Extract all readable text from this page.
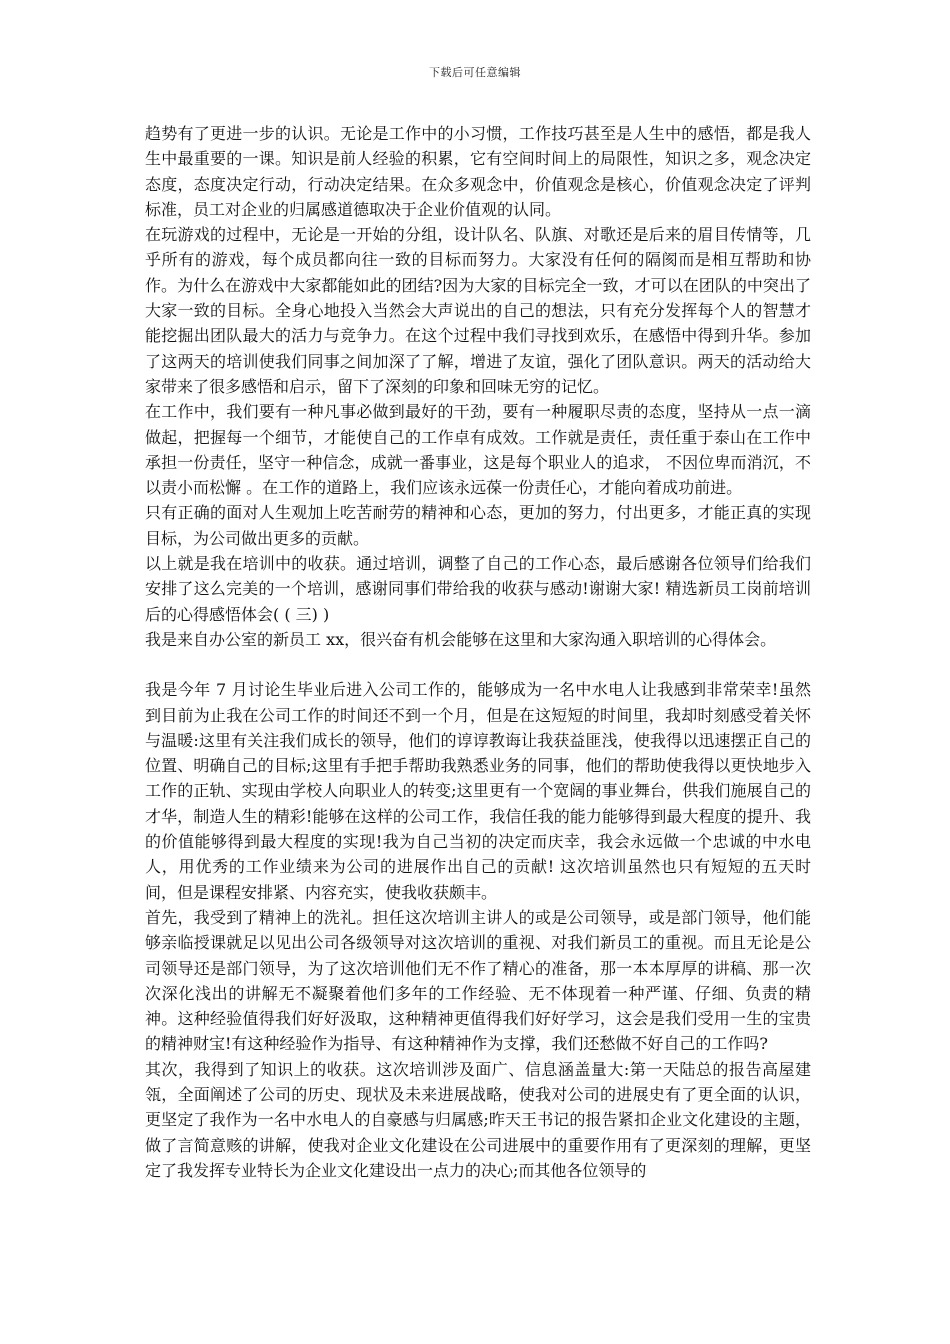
下载后可任意编辑

趋势有了更进一步的认识。无论是工作中的小习惯，工作技巧甚至是人生中的感悟，都是我人生中最重要的一课。知识是前人经验的积累，它有空间时间上的局限性，知识之多，观念决定态度，态度决定行动，行动决定结果。在众多观念中，价值观念是核心，价值观念决定了评判标准，员工对企业的归属感道德取决于企业价值观的认同。

在玩游戏的过程中，无论是一开始的分组，设计队名、队旗、对歌还是后来的眉目传情等，几乎所有的游戏，每个成员都向往一致的目标而努力。大家没有任何的隔阂而是相互帮助和协作。为什么在游戏中大家都能如此的团结?因为大家的目标完全一致，才可以在团队的中突出了大家一致的目标。全身心地投入当然会大声说出的自己的想法，只有充分发挥每个人的智慧才能挖掘出团队最大的活力与竞争力。在这个过程中我们寻找到欢乐，在感悟中得到升华。参加了这两天的培训使我们同事之间加深了了解，增进了友谊，强化了团队意识。两天的活动给大家带来了很多感悟和启示，留下了深刻的印象和回味无穷的记忆。

在工作中，我们要有一种凡事必做到最好的干劲，要有一种履职尽责的态度，坚持从一点一滴做起，把握每一个细节，才能使自己的工作卓有成效。工作就是责任，责任重于泰山在工作中承担一份责任，坚守一种信念，成就一番事业，这是每个职业人的追求， 不因位卑而消沉，不以责小而松懈 。在工作的道路上，我们应该永远葆一份责任心，才能向着成功前进。

只有正确的面对人生观加上吃苦耐劳的精神和心态，更加的努力，付出更多，才能正真的实现目标，为公司做出更多的贡献。

以上就是我在培训中的收获。通过培训，调整了自己的工作心态，最后感谢各位领导们给我们安排了这么完美的一个培训，感谢同事们带给我的收获与感动!谢谢大家! 精选新员工岗前培训后的心得感悟体会( ( 三) )

我是来自办公室的新员工 xx，很兴奋有机会能够在这里和大家沟通入职培训的心得体会。

我是今年 7 月讨论生毕业后进入公司工作的，能够成为一名中水电人让我感到非常荣幸!虽然到目前为止我在公司工作的时间还不到一个月，但是在这短短的时间里，我却时刻感受着关怀与温暖:这里有关注我们成长的领导，他们的谆谆教诲让我获益匪浅，使我得以迅速摆正自己的位置、明确自己的目标;这里有手把手帮助我熟悉业务的同事，他们的帮助使我得以更快地步入工作的正轨、实现由学校人向职业人的转变;这里更有一个宽阔的事业舞台，供我们施展自己的才华，制造人生的精彩!能够在这样的公司工作，我信任我的能力能够得到最大程度的提升、我的价值能够得到最大程度的实现!我为自己当初的决定而庆幸，我会永远做一个忠诚的中水电人，用优秀的工作业绩来为公司的进展作出自己的贡献! 这次培训虽然也只有短短的五天时间，但是课程安排紧、内容充实，使我收获颇丰。

首先，我受到了精神上的洗礼。担任这次培训主讲人的或是公司领导，或是部门领导，他们能够亲临授课就足以见出公司各级领导对这次培训的重视、对我们新员工的重视。而且无论是公司领导还是部门领导，为了这次培训他们无不作了精心的准备，那一本本厚厚的讲稿、那一次次深化浅出的讲解无不凝聚着他们多年的工作经验、无不体现着一种严谨、仔细、负责的精神。这种经验值得我们好好汲取，这种精神更值得我们好好学习，这会是我们受用一生的宝贵的精神财宝!有这种经验作为指导、有这种精神作为支撑，我们还愁做不好自己的工作吗?

其次，我得到了知识上的收获。这次培训涉及面广、信息涵盖量大:第一天陆总的报告高屋建瓴，全面阐述了公司的历史、现状及未来进展战略，使我对公司的进展史有了更全面的认识，更坚定了我作为一名中水电人的自豪感与归属感;昨天王书记的报告紧扣企业文化建设的主题，做了言简意赅的讲解，使我对企业文化建设在公司进展中的重要作用有了更深刻的理解，更坚定了我发挥专业特长为企业文化建设出一点力的决心;而其他各位领导的
